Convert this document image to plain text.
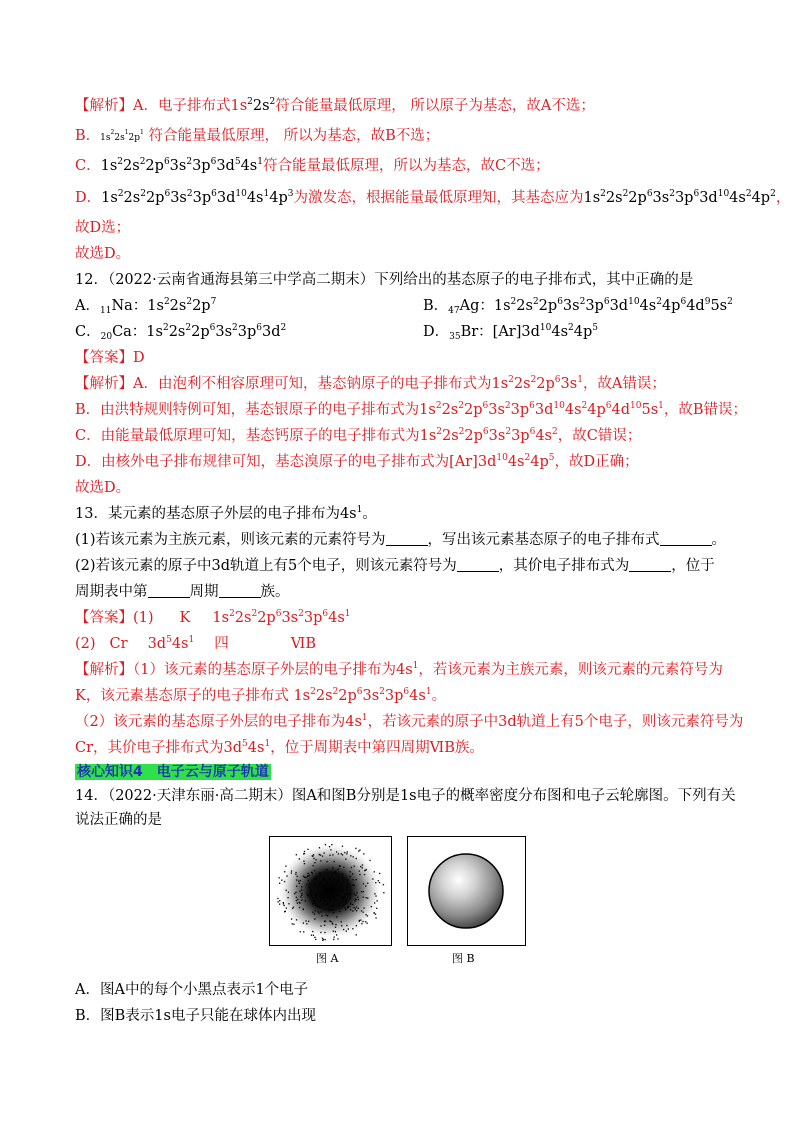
【解析】A．电子排布式$1s^22s^2$符合能量最低原理， 所以原子为基态，故A不选；
B．$1s^22s^12p^1$ 符合能量最低原理， 所以为基态，故B不选；
C．$1s^22s^22p^63s^23p^63d^54s^1$符合能量最低原理，所以为基态，故C不选；
D．$1s^22s^22p^63s^23p^63d^{10}4s^14p^3$为激发态，根据能量最低原理知，其基态应为$1s^22s^22p^63s^23p^63d^{10}4s^24p^2$，
故D选；
故选D。
12．（2022·云南省通海县第三中学高二期末）下列给出的基态原子的电子排布式，其中正确的是
A．$_{11}$Na：$1s^22s^22p^7$	B．$_{47}$Ag：$1s^22s^22p^63s^23p^63d^{10}4s^24p^64d^95s^2$
C．$_{20}$Ca：$1s^22s^22p^63s^23p^63d^2$	D．$_{35}$Br：$[Ar]3d^{10}4s^24p^5$
【答案】D
【解析】A．由泡利不相容原理可知，基态钠原子的电子排布式为$1s^22s^22p^63s^1$，故A错误；
B．由洪特规则特例可知，基态银原子的电子排布式为$1s^22s^22p^63s^23p^63d^{10}4s^24p^64d^{10}5s^1$，故B错误；
C．由能量最低原理可知，基态钙原子的电子排布式为$1s^22s^22p^63s^23p^64s^2$，故C错误；
D．由核外电子排布规律可知，基态溴原子的电子排布式为$[Ar]3d^{10}4s^24p^5$，故D正确；
故选D。
13．某元素的基态原子外层的电子排布为$4s^1$。
(1)若该元素为主族元素，则该元素的元素符号为	，写出该元素基态原子的电子排布式	。
(2)若该元素的原子中3d轨道上有5个电子，则该元素符号为	，其价电子排布式为	，位于
周期表中第	周期	族。
【答案】(1) K $1s^22s^22p^63s^23p^64s^1$
(2) Cr $3d^54s^1$ 四	ⅥB
【解析】（1）该元素的基态原子外层的电子排布为$4s^1$，若该元素为主族元素，则该元素的元素符号为
K，该元素基态原子的电子排布式 $1s^22s^22p^63s^23p^64s^1$。
（2）该元素的基态原子外层的电子排布为$4s^1$，若该元素的原子中3d轨道上有5个电子，则该元素符号为
Cr，其价电子排布式为$3d^54s^1$，位于周期表中第四周期ⅥB族。
核心知识4　电子云与原子轨道
14．（2022·天津东丽·高二期末）图A和图B分别是1s电子的概率密度分布图和电子云轮廓图。下列有关
说法正确的是
图 A	图 B
A．图A中的每个小黑点表示1个电子
B．图B表示1s电子只能在球体内出现
